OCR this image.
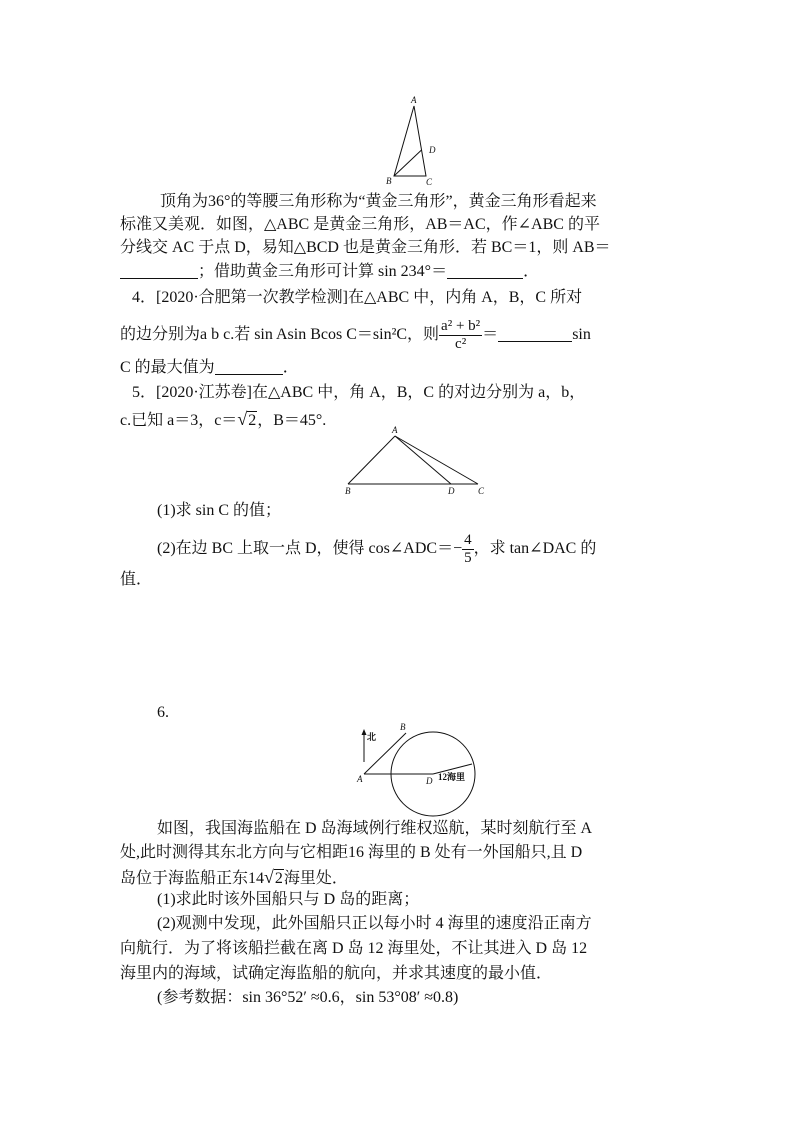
A
B	C
D
顶角为36°的等腰三角形称为“黄金三角形”，黄金三角形看起来
标准又美观．如图，△ABC 是黄金三角形，AB＝AC，作∠ABC 的平
分线交 AC 于点 D，易知△BCD 也是黄金三角形．若 BC＝1，则 AB＝
；借助黄金三角形可计算 sin 234°＝	．
4．[2020·合肥第一次教学检测]在△ABC 中，内角 A，B，C 所对
的边分别为a b c.若 sin Asin Bcos C＝sin²C，则 $\frac{\text{a² + b²}}{\text{c²}}$ ＝	sin
C 的最大值为	．
5．[2020·江苏卷]在△ABC 中，角 A，B，C 的对边分别为 a，b，
c.已知 a＝3，c＝√2，B＝45°.
A
B	D	C
(1)求 sin C 的值；
(2)在边 BC 上取一点 D，使得 cos∠ADC＝− $\frac{4}{5}$ ，求 tan∠DAC 的
值．
6.
北
12海里
A
B
D
如图，我国海监船在 D 岛海域例行维权巡航，某时刻航行至 A
处,此时测得其东北方向与它相距16 海里的 B 处有一外国船只,且 D
岛位于海监船正东14√2海里处．
(1)求此时该外国船只与 D 岛的距离；
(2)观测中发现，此外国船只正以每小时 4 海里的速度沿正南方
向航行．为了将该船拦截在离 D 岛 12 海里处，不让其进入 D 岛 12
海里内的海域，试确定海监船的航向，并求其速度的最小值．
(参考数据：sin 36°52′ ≈0.6，sin 53°08′ ≈0.8)
